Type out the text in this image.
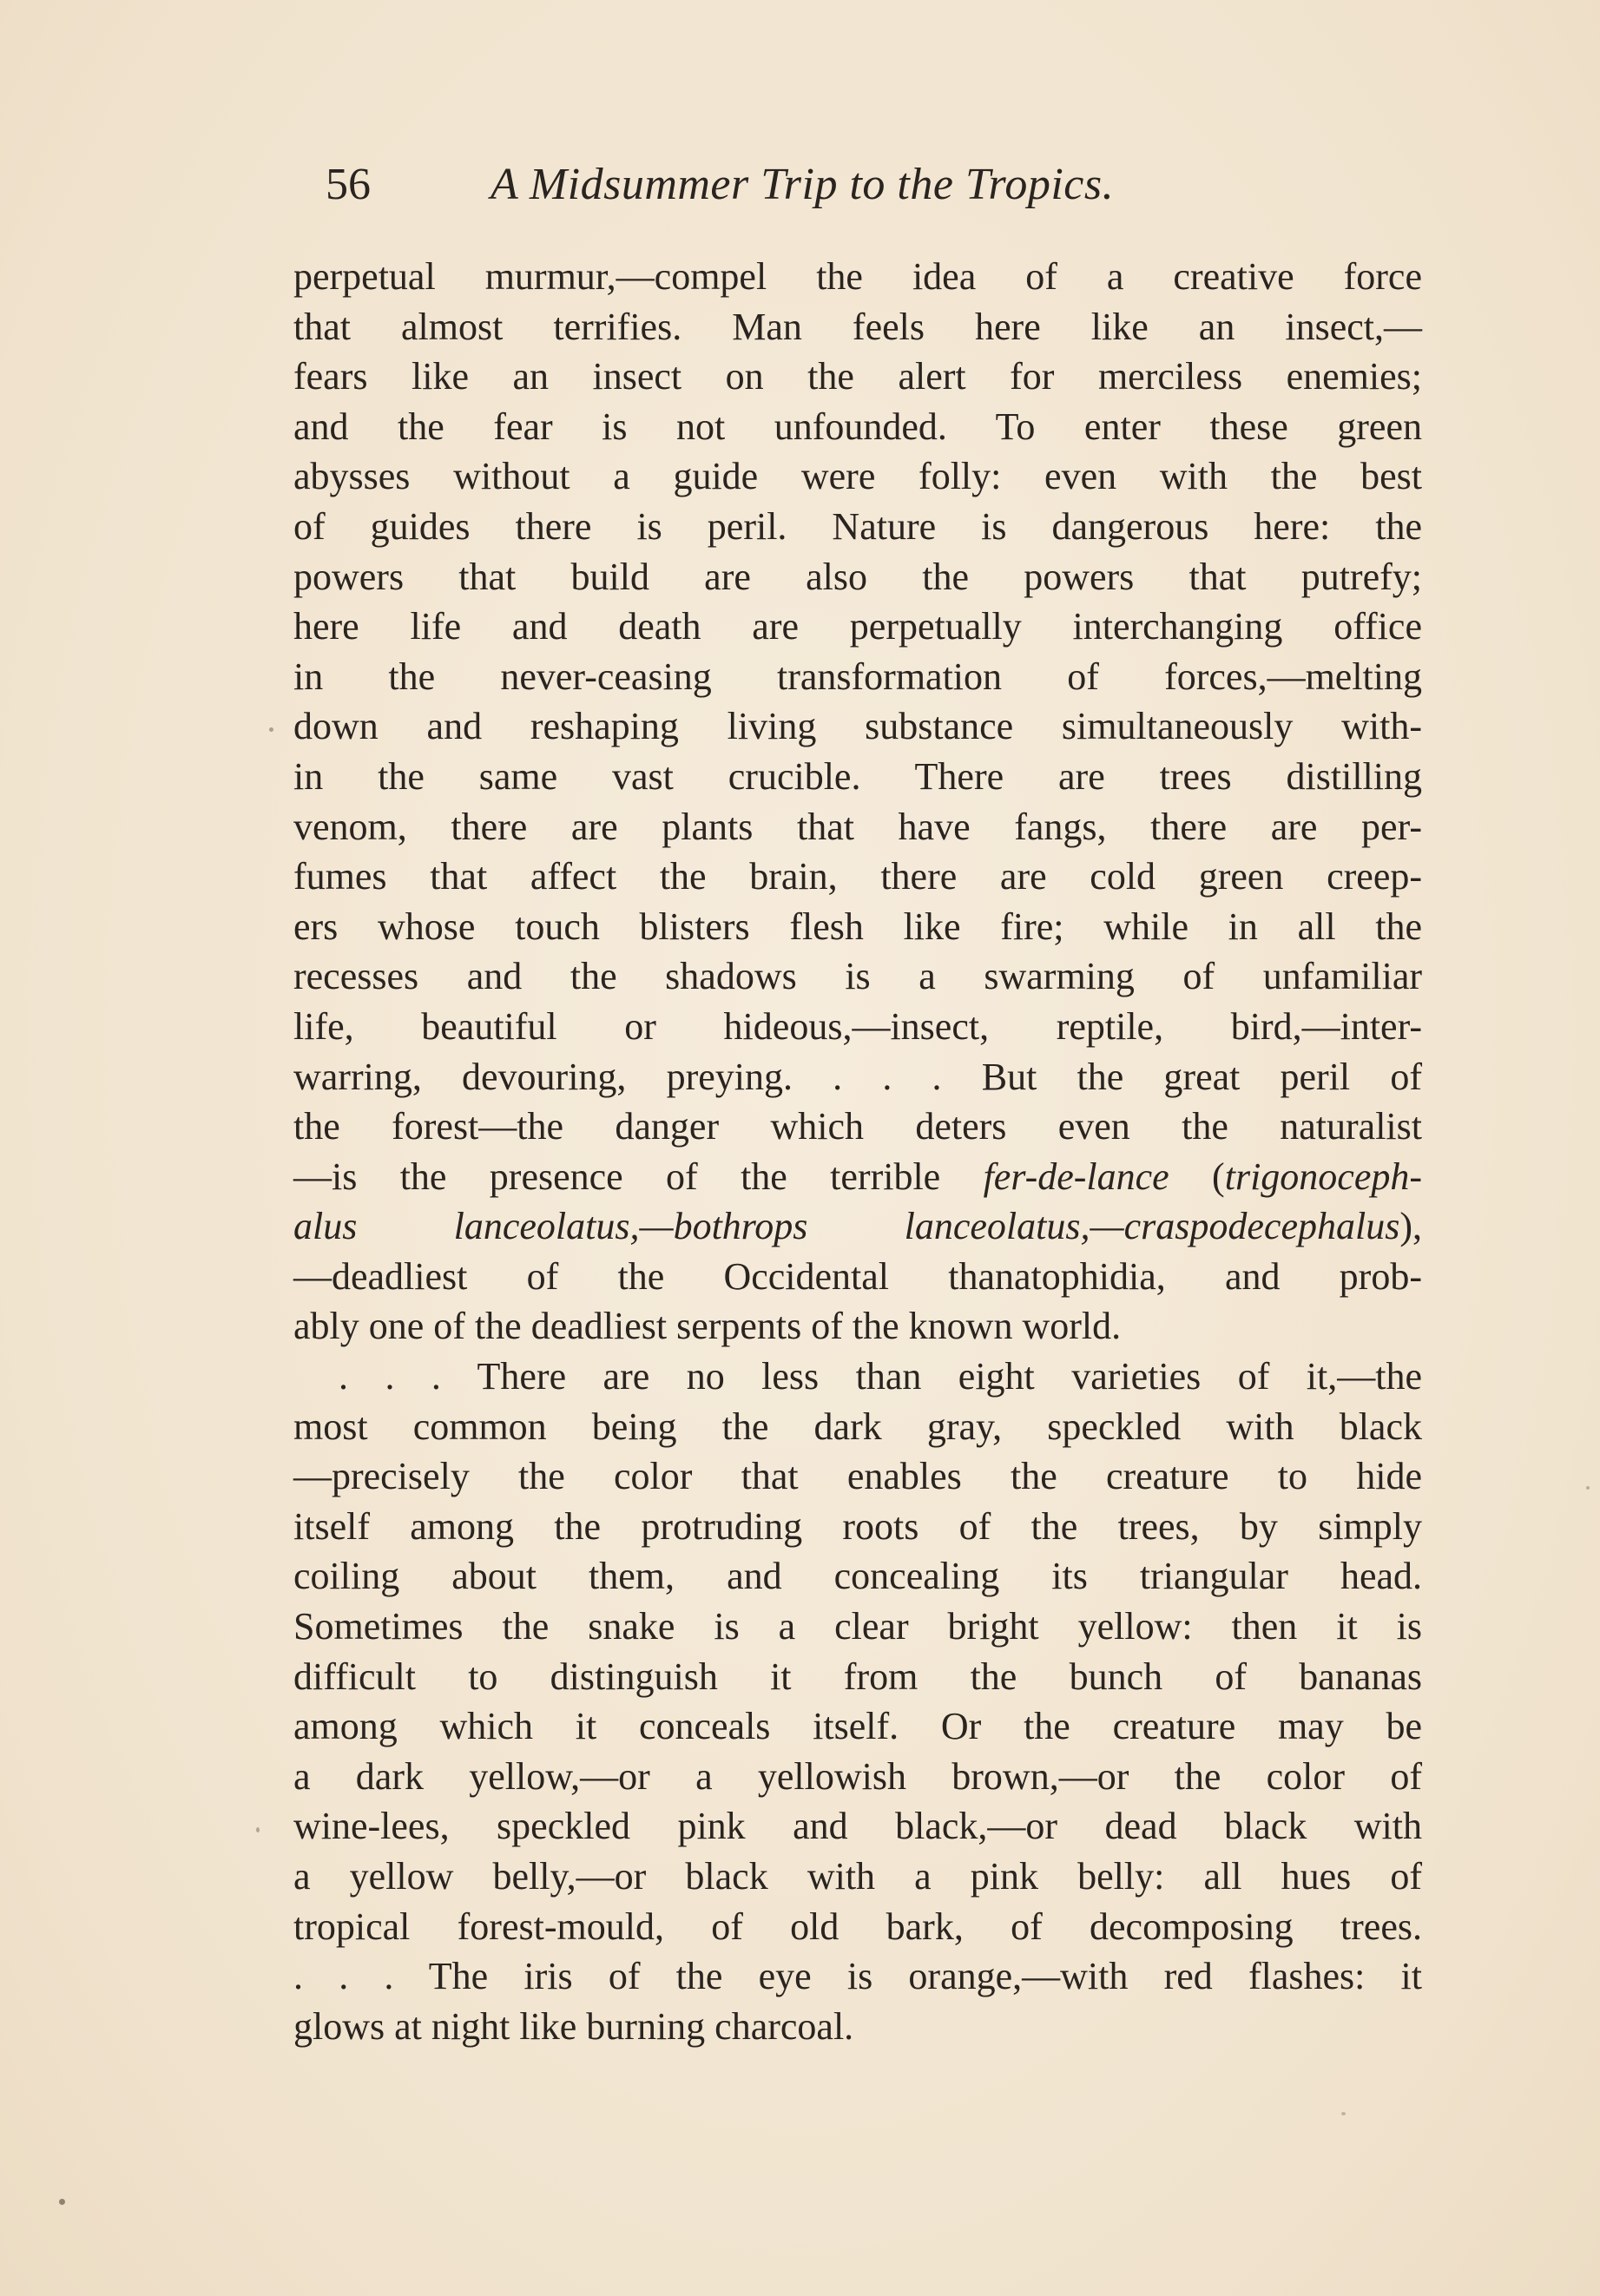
56	A Midsummer Trip to the Tropics.
perpetual murmur,—compel the idea of a creative force
that almost terrifies. Man feels here like an insect,—
fears like an insect on the alert for merciless enemies;
and the fear is not unfounded. To enter these green
abysses without a guide were folly: even with the best
of guides there is peril. Nature is dangerous here: the
powers that build are also the powers that putrefy;
here life and death are perpetually interchanging office
in the never-ceasing transformation of forces,—melting
down and reshaping living substance simultaneously with-
in the same vast crucible. There are trees distilling
venom, there are plants that have fangs, there are per-
fumes that affect the brain, there are cold green creep-
ers whose touch blisters flesh like fire; while in all the
recesses and the shadows is a swarming of unfamiliar
life, beautiful or hideous,—insect, reptile, bird,—inter-
warring, devouring, preying. . . . But the great peril of
the forest—the danger which deters even the naturalist
—is the presence of the terrible fer-de-lance (trigonoceph-
alus lanceolatus,—bothrops lanceolatus,—craspodecephalus),
—deadliest of the Occidental thanatophidia, and prob-
ably one of the deadliest serpents of the known world.
. . . There are no less than eight varieties of it,—the
most common being the dark gray, speckled with black
—precisely the color that enables the creature to hide
itself among the protruding roots of the trees, by simply
coiling about them, and concealing its triangular head.
Sometimes the snake is a clear bright yellow: then it is
difficult to distinguish it from the bunch of bananas
among which it conceals itself. Or the creature may be
a dark yellow,—or a yellowish brown,—or the color of
wine-lees, speckled pink and black,—or dead black with
a yellow belly,—or black with a pink belly: all hues of
tropical forest-mould, of old bark, of decomposing trees.
. . . The iris of the eye is orange,—with red flashes: it
glows at night like burning charcoal.
